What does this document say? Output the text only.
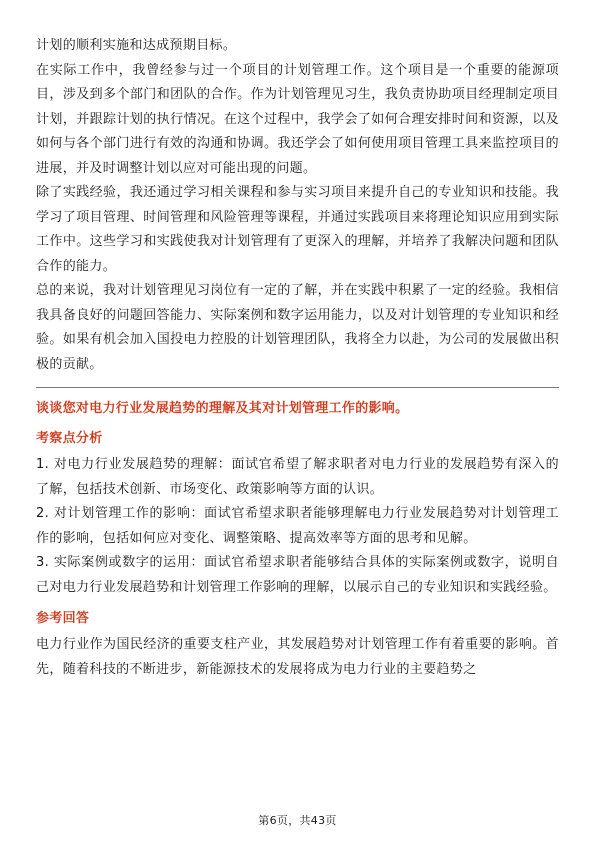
计划的顺利实施和达成预期目标。

在实际工作中，我曾经参与过一个项目的计划管理工作。这个项目是一个重要的能源项目，涉及到多个部门和团队的合作。作为计划管理见习生，我负责协助项目经理制定项目计划，并跟踪计划的执行情况。在这个过程中，我学会了如何合理安排时间和资源，以及如何与各个部门进行有效的沟通和协调。我还学会了如何使用项目管理工具来监控项目的进展，并及时调整计划以应对可能出现的问题。

除了实践经验，我还通过学习相关课程和参与实习项目来提升自己的专业知识和技能。我学习了项目管理、时间管理和风险管理等课程，并通过实践项目来将理论知识应用到实际工作中。这些学习和实践使我对计划管理有了更深入的理解，并培养了我解决问题和团队合作的能力。

总的来说，我对计划管理见习岗位有一定的了解，并在实践中积累了一定的经验。我相信我具备良好的问题回答能力、实际案例和数字运用能力，以及对计划管理的专业知识和经验。如果有机会加入国投电力控股的计划管理团队，我将全力以赴，为公司的发展做出积极的贡献。

谈谈您对电力行业发展趋势的理解及其对计划管理工作的影响。

考察点分析

1. 对电力行业发展趋势的理解：面试官希望了解求职者对电力行业的发展趋势有深入的了解，包括技术创新、市场变化、政策影响等方面的认识。

2. 对计划管理工作的影响：面试官希望求职者能够理解电力行业发展趋势对计划管理工作的影响，包括如何应对变化、调整策略、提高效率等方面的思考和见解。

3. 实际案例或数字的运用：面试官希望求职者能够结合具体的实际案例或数字，说明自己对电力行业发展趋势和计划管理工作影响的理解，以展示自己的专业知识和实践经验。

参考回答

电力行业作为国民经济的重要支柱产业，其发展趋势对计划管理工作有着重要的影响。首先，随着科技的不断进步，新能源技术的发展将成为电力行业的主要趋势之

第6页，共43页
